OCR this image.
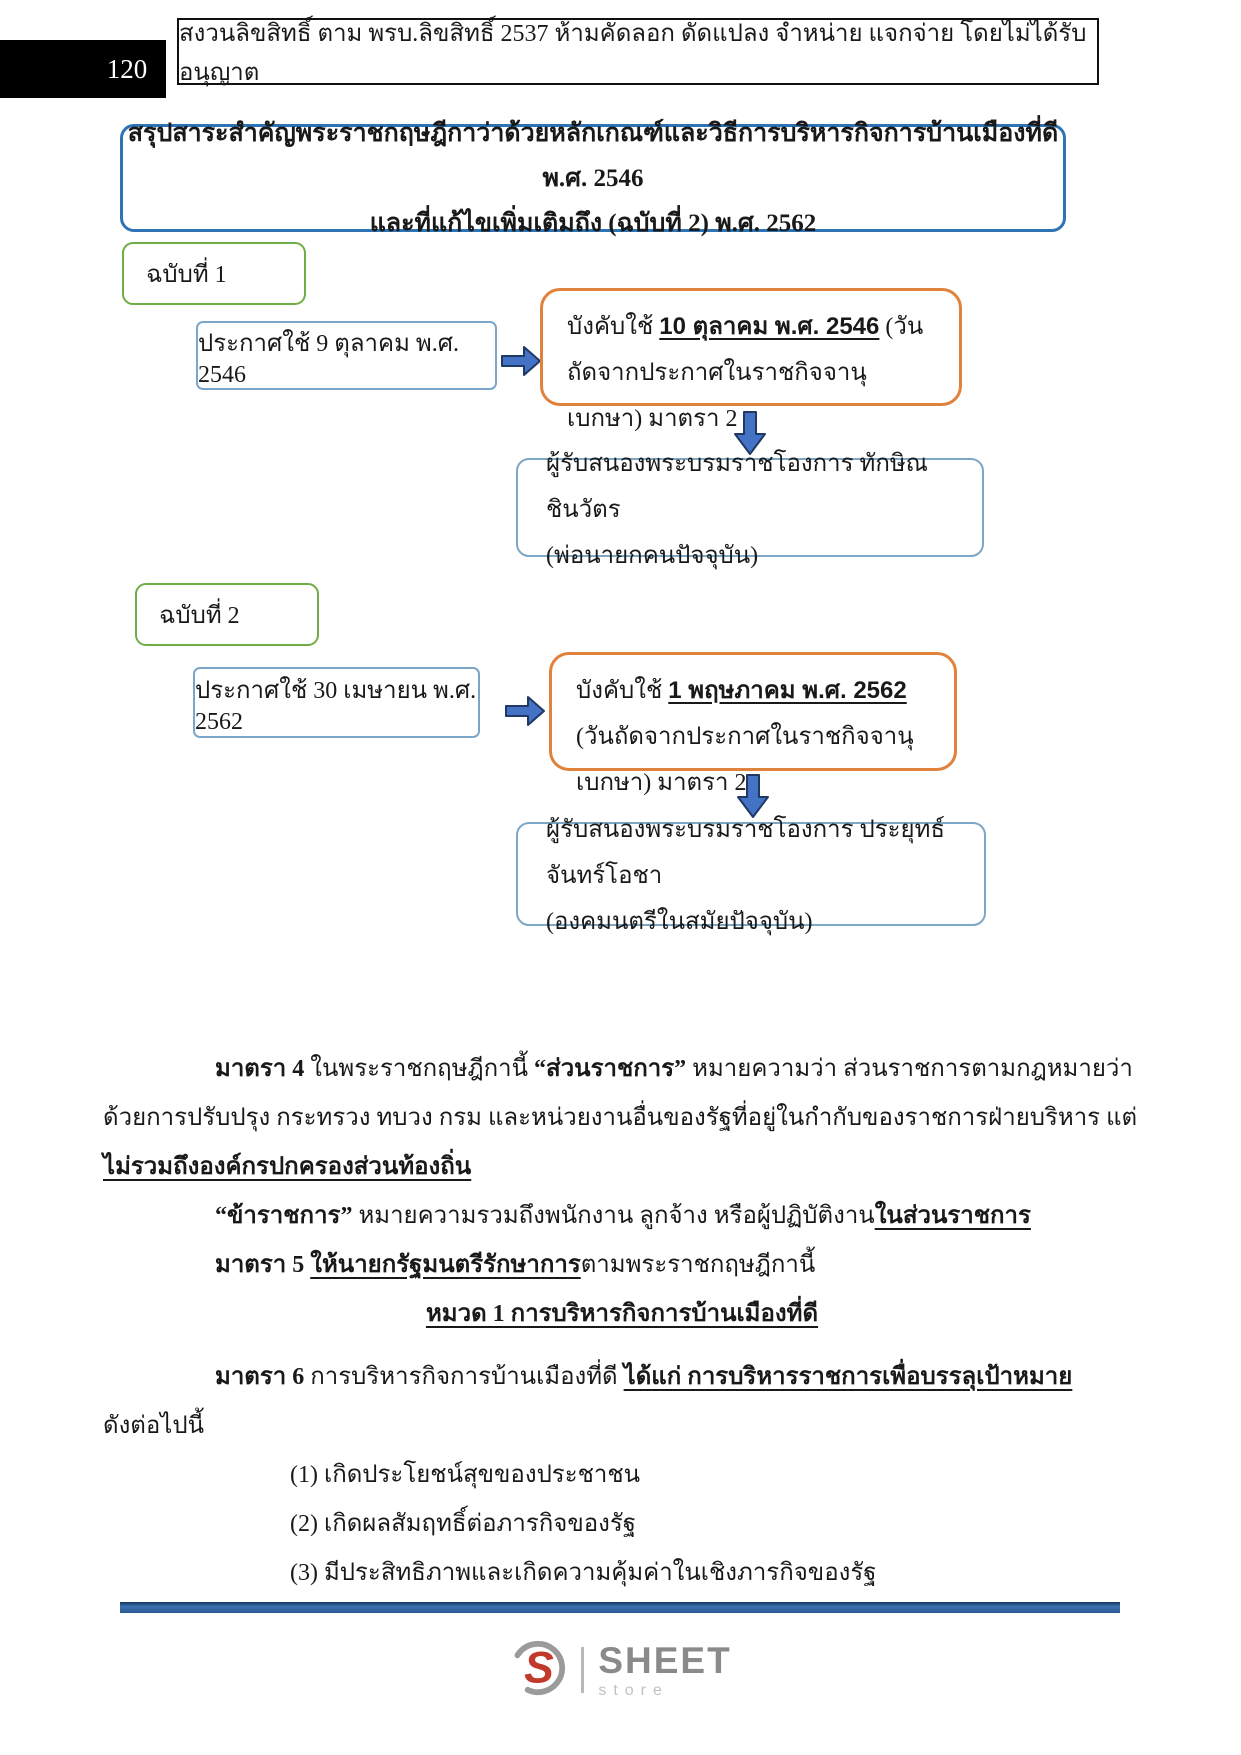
120
สงวนลิขสิทธิ์ ตาม พรบ.ลิขสิทธิ์ 2537 ห้ามคัดลอก ดัดแปลง จำหน่าย แจกจ่าย โดยไม่ได้รับอนุญาต
สรุปสาระสำคัญพระราชกฤษฎีกาว่าด้วยหลักเกณฑ์และวิธีการบริหารกิจการบ้านเมืองที่ดี พ.ศ. 2546
และที่แก้ไขเพิ่มเติมถึง (ฉบับที่ 2) พ.ศ. 2562
ฉบับที่ 1
ประกาศใช้ 9 ตุลาคม พ.ศ. 2546
บังคับใช้ 10 ตุลาคม พ.ศ. 2546 (วันถัดจากประกาศในราชกิจจานุเบกษา) มาตรา 2
ผู้รับสนองพระบรมราชโองการ ทักษิณ ชินวัตร
(พ่อนายกคนปัจจุบัน)
ฉบับที่ 2
ประกาศใช้ 30 เมษายน พ.ศ. 2562
บังคับใช้ 1 พฤษภาคม พ.ศ. 2562 (วันถัดจากประกาศในราชกิจจานุเบกษา) มาตรา 2
ผู้รับสนองพระบรมราชโองการ ประยุทธ์ จันทร์โอชา
(องคมนตรีในสมัยปัจจุบัน)
มาตรา 4 ในพระราชกฤษฎีกานี้ “ส่วนราชการ” หมายความว่า ส่วนราชการตามกฎหมายว่า
ด้วยการปรับปรุง กระทรวง ทบวง กรม และหน่วยงานอื่นของรัฐที่อยู่ในกำกับของราชการฝ่ายบริหาร แต่
ไม่รวมถึงองค์กรปกครองส่วนท้องถิ่น
“ข้าราชการ” หมายความรวมถึงพนักงาน ลูกจ้าง หรือผู้ปฏิบัติงานในส่วนราชการ
มาตรา 5 ให้นายกรัฐมนตรีรักษาการตามพระราชกฤษฎีกานี้
หมวด 1 การบริหารกิจการบ้านเมืองที่ดี
มาตรา 6 การบริหารกิจการบ้านเมืองที่ดี ได้แก่ การบริหารราชการเพื่อบรรลุเป้าหมาย
ดังต่อไปนี้
(1) เกิดประโยชน์สุขของประชาชน
(2) เกิดผลสัมฤทธิ์ต่อภารกิจของรัฐ
(3) มีประสิทธิภาพและเกิดความคุ้มค่าในเชิงภารกิจของรัฐ
S SHEET
store
